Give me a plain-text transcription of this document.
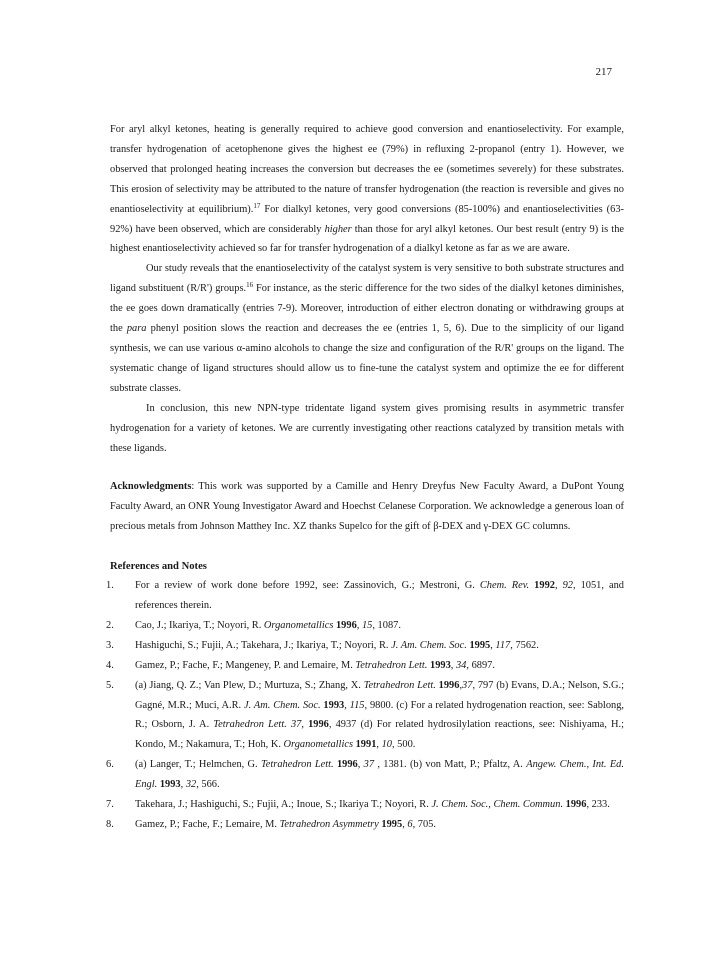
217

For aryl alkyl ketones, heating is generally required to achieve good conversion and enantioselectivity. For example, transfer hydrogenation of acetophenone gives the highest ee (79%) in refluxing 2-propanol (entry 1). However, we observed that prolonged heating increases the conversion but decreases the ee (sometimes severely) for these substrates. This erosion of selectivity may be attributed to the nature of transfer hydrogenation (the reaction is reversible and gives no enantioselectivity at equilibrium).$^{17}$ For dialkyl ketones, very good conversions (85-100%) and enantioselectivities (63-92%) have been observed, which are considerably higher than those for aryl alkyl ketones. Our best result (entry 9) is the highest enantioselectivity achieved so far for transfer hydrogenation of a dialkyl ketone as far as we are aware.

Our study reveals that the enantioselectivity of the catalyst system is very sensitive to both substrate structures and ligand substituent (R/R') groups.$^{16}$ For instance, as the steric difference for the two sides of the dialkyl ketones diminishes, the ee goes down dramatically (entries 7-9). Moreover, introduction of either electron donating or withdrawing groups at the para phenyl position slows the reaction and decreases the ee (entries 1, 5, 6). Due to the simplicity of our ligand synthesis, we can use various α-amino alcohols to change the size and configuration of the R/R' groups on the ligand. The systematic change of ligand structures should allow us to fine-tune the catalyst system and optimize the ee for different substrate classes.

In conclusion, this new NPN-type tridentate ligand system gives promising results in asymmetric transfer hydrogenation for a variety of ketones. We are currently investigating other reactions catalyzed by transition metals with these ligands.

Acknowledgments: This work was supported by a Camille and Henry Dreyfus New Faculty Award, a DuPont Young Faculty Award, an ONR Young Investigator Award and Hoechst Celanese Corporation. We acknowledge a generous loan of precious metals from Johnson Matthey Inc. XZ thanks Supelco for the gift of β-DEX and γ-DEX GC columns.

References and Notes
1. For a review of work done before 1992, see: Zassinovich, G.; Mestroni, G. Chem. Rev. 1992, 92, 1051, and references therein.
2. Cao, J.; Ikariya, T.; Noyori, R. Organometallics 1996, 15, 1087.
3. Hashiguchi, S.; Fujii, A.; Takehara, J.; Ikariya, T.; Noyori, R. J. Am. Chem. Soc. 1995, 117, 7562.
4. Gamez, P.; Fache, F.; Mangeney, P. and Lemaire, M. Tetrahedron Lett. 1993, 34, 6897.
5. (a) Jiang, Q. Z.; Van Plew, D.; Murtuza, S.; Zhang, X. Tetrahedron Lett. 1996,37, 797 (b) Evans, D.A.; Nelson, S.G.; Gagné, M.R.; Muci, A.R. J. Am. Chem. Soc. 1993, 115, 9800. (c) For a related hydrogenation reaction, see: Sablong, R.; Osborn, J. A. Tetrahedron Lett. 37, 1996, 4937 (d) For related hydrosilylation reactions, see: Nishiyama, H.; Kondo, M.; Nakamura, T.; Hoh, K. Organometallics 1991, 10, 500.
6. (a) Langer, T.; Helmchen, G. Tetrahedron Lett. 1996, 37 , 1381. (b) von Matt, P.; Pfaltz, A. Angew. Chem., Int. Ed. Engl. 1993, 32, 566.
7. Takehara, J.; Hashiguchi, S.; Fujii, A.; Inoue, S.; Ikariya T.; Noyori, R. J. Chem. Soc., Chem. Commun. 1996, 233.
8. Gamez, P.; Fache, F.; Lemaire, M. Tetrahedron Asymmetry 1995, 6, 705.
